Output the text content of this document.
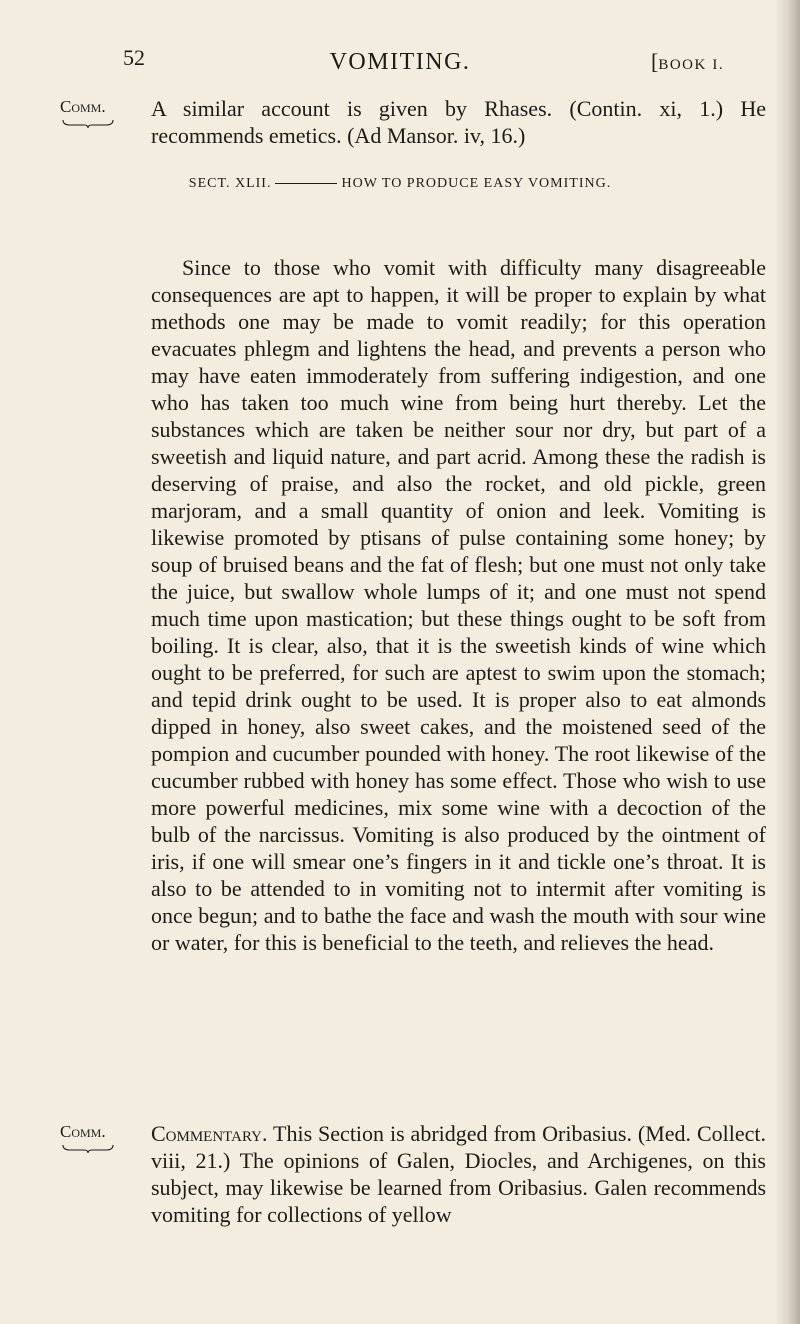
52	VOMITING.	[BOOK I.
Comm. A similar account is given by Rhases. (Contin. xi, 1.) He recommends emetics. (Ad Mansor. iv, 16.)

SECT. XLII.	HOW TO PRODUCE EASY VOMITING.

Since to those who vomit with difficulty many disagreeable consequences are apt to happen, it will be proper to explain by what methods one may be made to vomit readily; for this operation evacuates phlegm and lightens the head, and prevents a person who may have eaten immoderately from suffering indigestion, and one who has taken too much wine from being hurt thereby. Let the substances which are taken be neither sour nor dry, but part of a sweetish and liquid nature, and part acrid. Among these the radish is deserving of praise, and also the rocket, and old pickle, green marjoram, and a small quantity of onion and leek. Vomiting is likewise promoted by ptisans of pulse containing some honey; by soup of bruised beans and the fat of flesh; but one must not only take the juice, but swallow whole lumps of it; and one must not spend much time upon mastication; but these things ought to be soft from boiling. It is clear, also, that it is the sweetish kinds of wine which ought to be preferred, for such are aptest to swim upon the stomach; and tepid drink ought to be used. It is proper also to eat almonds dipped in honey, also sweet cakes, and the moistened seed of the pompion and cucumber pounded with honey. The root likewise of the cucumber rubbed with honey has some effect. Those who wish to use more powerful medicines, mix some wine with a decoction of the bulb of the narcissus. Vomiting is also produced by the ointment of iris, if one will smear one’s fingers in it and tickle one’s throat. It is also to be attended to in vomiting not to intermit after vomiting is once begun; and to bathe the face and wash the mouth with sour wine or water, for this is beneficial to the teeth, and relieves the head.

Comm. Commentary. This Section is abridged from Oribasius. (Med. Collect. viii, 21.) The opinions of Galen, Diocles, and Archigenes, on this subject, may likewise be learned from Oribasius. Galen recommends vomiting for collections of yellow
